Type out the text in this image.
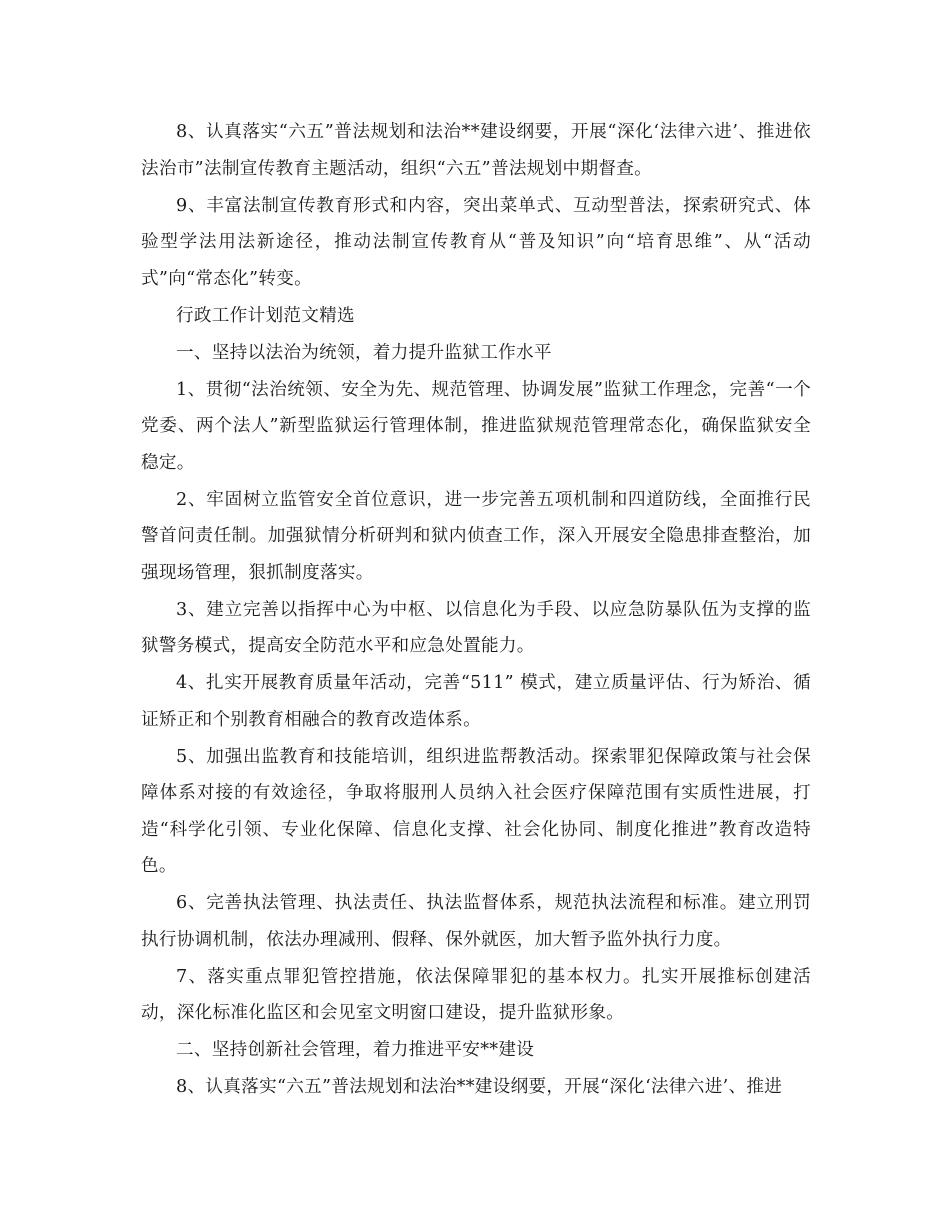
8、认真落实“六五”普法规划和法治**建设纲要，开展“深化‘法律六进’、推进依法治市”法制宣传教育主题活动，组织“六五”普法规划中期督查。

9、丰富法制宣传教育形式和内容，突出菜单式、互动型普法，探索研究式、体验型学法用法新途径，推动法制宣传教育从“普及知识”向“培育思维”、从“活动式”向“常态化”转变。

行政工作计划范文精选

一、坚持以法治为统领，着力提升监狱工作水平

1、贯彻“法治统领、安全为先、规范管理、协调发展”监狱工作理念，完善“一个党委、两个法人”新型监狱运行管理体制，推进监狱规范管理常态化，确保监狱安全稳定。

2、牢固树立监管安全首位意识，进一步完善五项机制和四道防线，全面推行民警首问责任制。加强狱情分析研判和狱内侦查工作，深入开展安全隐患排查整治，加强现场管理，狠抓制度落实。

3、建立完善以指挥中心为中枢、以信息化为手段、以应急防暴队伍为支撑的监狱警务模式，提高安全防范水平和应急处置能力。

4、扎实开展教育质量年活动，完善“511” 模式，建立质量评估、行为矫治、循证矫正和个别教育相融合的教育改造体系。

5、加强出监教育和技能培训，组织进监帮教活动。探索罪犯保障政策与社会保障体系对接的有效途径，争取将服刑人员纳入社会医疗保障范围有实质性进展，打造“科学化引领、专业化保障、信息化支撑、社会化协同、制度化推进”教育改造特色。

6、完善执法管理、执法责任、执法监督体系，规范执法流程和标准。建立刑罚执行协调机制，依法办理减刑、假释、保外就医，加大暂予监外执行力度。

7、落实重点罪犯管控措施，依法保障罪犯的基本权力。扎实开展推标创建活动，深化标准化监区和会见室文明窗口建设，提升监狱形象。

二、坚持创新社会管理，着力推进平安**建设

8、认真落实“六五”普法规划和法治**建设纲要，开展“深化‘法律六进’、推进
